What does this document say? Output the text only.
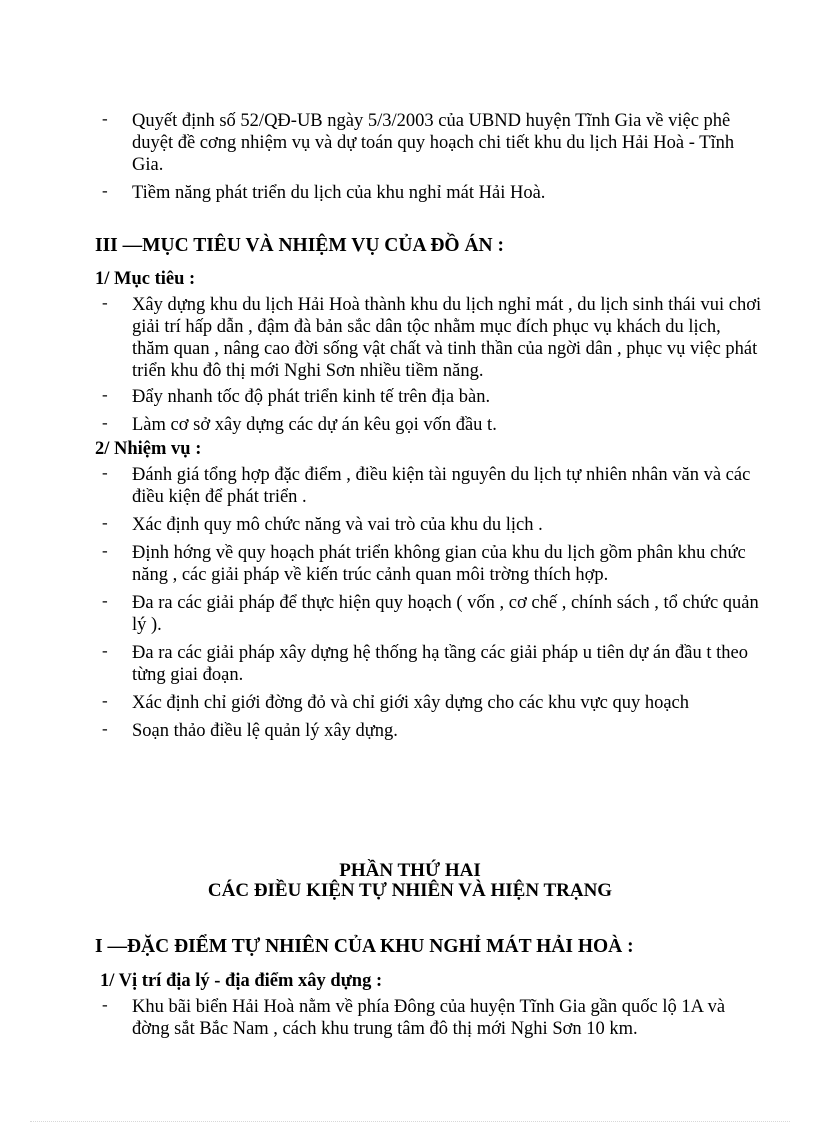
- Quyết định số 52/QĐ-UB ngày 5/3/2003 của UBND huyện Tĩnh Gia về việc phê duyệt đề cơng nhiệm vụ và dự toán quy hoạch chi tiết khu du lịch Hải Hoà - Tĩnh Gia.
- Tiềm năng phát triển du lịch của khu nghỉ mát Hải Hoà.
III —MỤC TIÊU VÀ NHIỆM VỤ CỦA ĐỒ ÁN :
1/ Mục tiêu :
- Xây dựng khu du lịch Hải Hoà thành khu du lịch nghỉ mát , du lịch sinh thái vui chơi giải trí hấp dẫn , đậm đà bản sắc dân tộc nhằm mục đích phục vụ khách du lịch, thăm quan , nâng cao đời sống vật chất và tinh thần của ngời dân , phục vụ việc phát triển khu đô thị mới Nghi Sơn nhiều tiềm năng.
- Đẩy nhanh tốc độ phát triển kinh tế trên địa bàn.
- Làm cơ sở xây dựng các dự án kêu gọi vốn đầu t.
2/ Nhiệm vụ :
- Đánh giá tổng hợp đặc điểm , điều kiện tài nguyên du lịch tự nhiên nhân văn và các điều kiện để phát triển .
- Xác định quy mô chức năng và vai trò của khu du lịch .
- Định hớng về quy hoạch phát triển không gian của khu du lịch gồm phân khu chức năng , các giải pháp về kiến trúc cảnh quan môi trờng thích hợp.
- Đa ra các giải pháp để thực hiện quy hoạch ( vốn , cơ chế , chính sách , tổ chức quản lý ).
- Đa ra các giải pháp xây dựng hệ thống hạ tầng các giải pháp u tiên dự án đầu t theo từng giai đoạn.
- Xác định chỉ giới đờng đỏ và chỉ giới xây dựng cho các khu vực quy hoạch
- Soạn thảo điều lệ quản lý xây dựng.
PHẦN THỨ HAI
CÁC ĐIỀU KIỆN TỰ NHIÊN VÀ HIỆN TRẠNG
I —ĐẶC ĐIỂM TỰ NHIÊN CỦA KHU NGHỈ MÁT HẢI HOÀ :
1/ Vị trí địa lý - địa điểm xây dựng :
- Khu bãi biển Hải Hoà nằm về phía Đông của huyện Tĩnh Gia gần quốc lộ 1A và đờng sắt Bắc Nam , cách khu trung tâm đô thị mới Nghi Sơn 10 km.
